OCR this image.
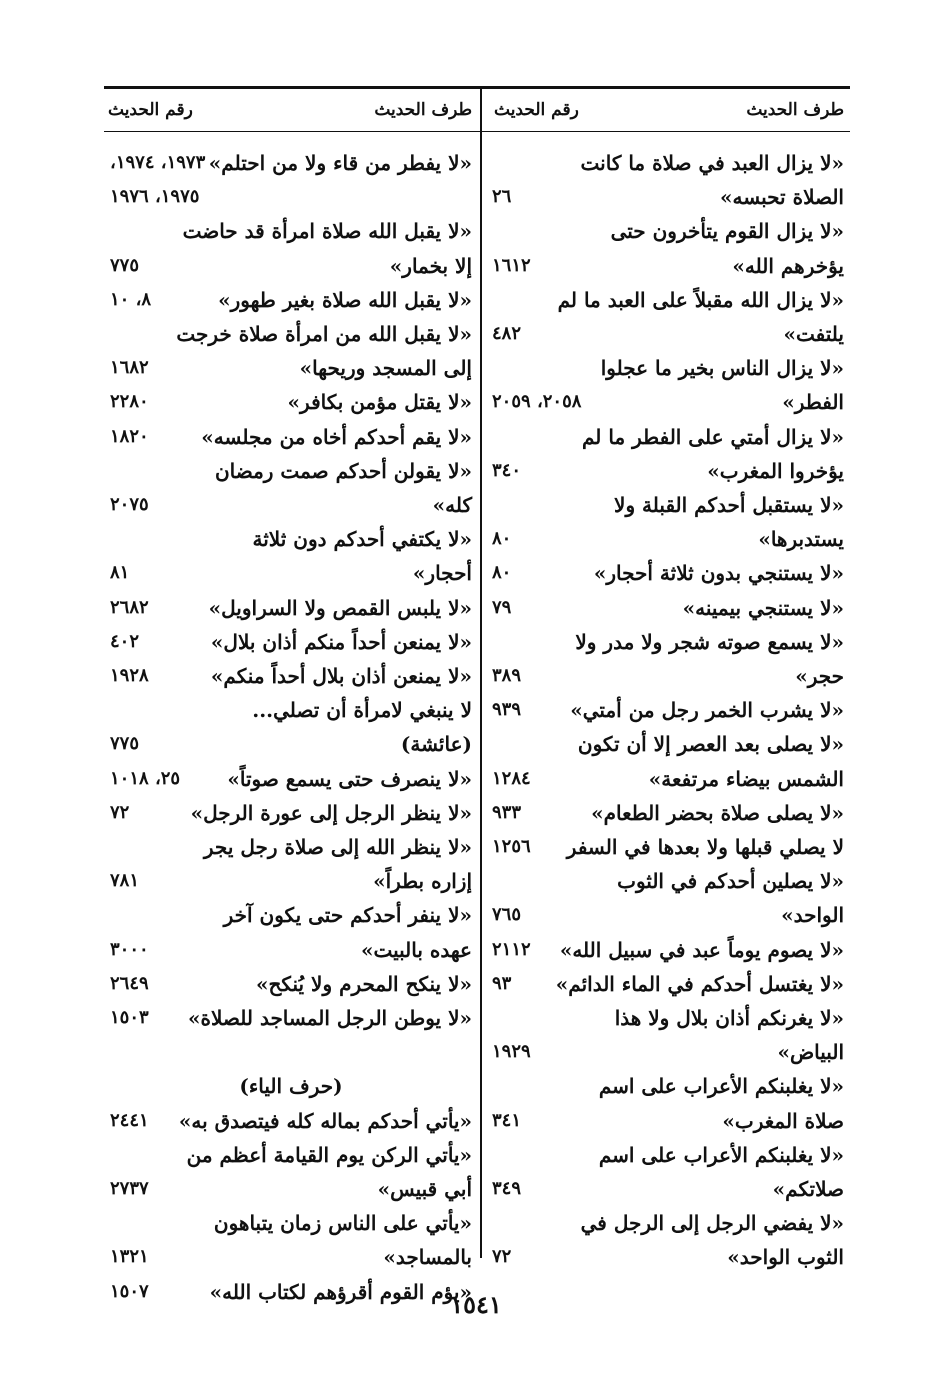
طرف الحديث
رقم الحديث
«لا يزال العبد في صلاة ما كانت
الصلاة تحبسه»
٢٦
«لا يزال القوم يتأخرون حتى
يؤخرهم الله»
١٦١٢
«لا يزال الله مقبلاً على العبد ما لم
يلتفت»
٤٨٢
«لا يزال الناس بخير ما عجلوا
الفطر»
٢٠٥٨، ٢٠٥٩
«لا يزال أمتي على الفطر ما لم
يؤخروا المغرب»
٣٤٠
«لا يستقبل أحدكم القبلة ولا
يستدبرها»
٨٠
«لا يستنجي بدون ثلاثة أحجار»
٨٠
«لا يستنجي بيمينه»
٧٩
«لا يسمع صوته شجر ولا مدر ولا
حجر»
٣٨٩
«لا يشرب الخمر رجل من أمتي»
٩٣٩
«لا يصلى بعد العصر إلا أن تكون
الشمس بيضاء مرتفعة»
١٢٨٤
«لا يصلى صلاة بحضر الطعام»
٩٣٣
لا يصلي قبلها ولا بعدها في السفر
١٢٥٦
«لا يصلين أحدكم في الثوب
الواحد»
٧٦٥
«لا يصوم يوماً عبد في سبيل الله»
٢١١٢
«لا يغتسل أحدكم في الماء الدائم»
٩٣
«لا يغرنكم أذان بلال ولا هذا
البياض»
١٩٢٩
«لا يغلبنكم الأعراب على اسم
صلاة المغرب»
٣٤١
«لا يغلبنكم الأعراب على اسم
صلاتكم»
٣٤٩
«لا يفضي الرجل إلى الرجل في
الثوب الواحد»
٧٢
طرف الحديث
رقم الحديث
«لا يفطر من قاء ولا من احتلم»
١٩٧٣، ١٩٧٤،
١٩٧٥، ١٩٧٦
«لا يقبل الله صلاة امرأة قد حاضت
إلا بخمار»
٧٧٥
«لا يقبل الله صلاة بغير طهور»
٨، ١٠
«لا يقبل الله من امرأة صلاة خرجت
إلى المسجد وريحها»
١٦٨٢
«لا يقتل مؤمن بكافر»
٢٢٨٠
«لا يقم أحدكم أخاه من مجلسه»
١٨٢٠
«لا يقولن أحدكم صمت رمضان
كله»
٢٠٧٥
«لا يكتفي أحدكم دون ثلاثة
أحجار»
٨١
«لا يلبس القمص ولا السراويل»
٢٦٨٢
«لا يمنعن أحداً منكم أذان بلال»
٤٠٢
«لا يمنعن أذان بلال أحداً منكم»
١٩٢٨
لا ينبغي لامرأة أن تصلي...
(عائشة)
٧٧٥
«لا ينصرف حتى يسمع صوتاً»
٢٥، ١٠١٨
«لا ينظر الرجل إلى عورة الرجل»
٧٢
«لا ينظر الله إلى صلاة رجل يجر
إزاره بطراً»
٧٨١
«لا ينفر أحدكم حتى يكون آخر
عهده بالبيت»
٣٠٠٠
«لا ينكح المحرم ولا يُنكح»
٢٦٤٩
«لا يوطن الرجل المساجد للصلاة»
١٥٠٣
(حرف الياء)
«يأتي أحدكم بماله كله فيتصدق به»
٢٤٤١
«يأتي الركن يوم القيامة أعظم من
أبي قبيس»
٢٧٣٧
«يأتي على الناس زمان يتباهون
بالمساجد»
١٣٢١
«يؤم القوم أقرؤهم لكتاب الله»
١٥٠٧	١٥٤١
